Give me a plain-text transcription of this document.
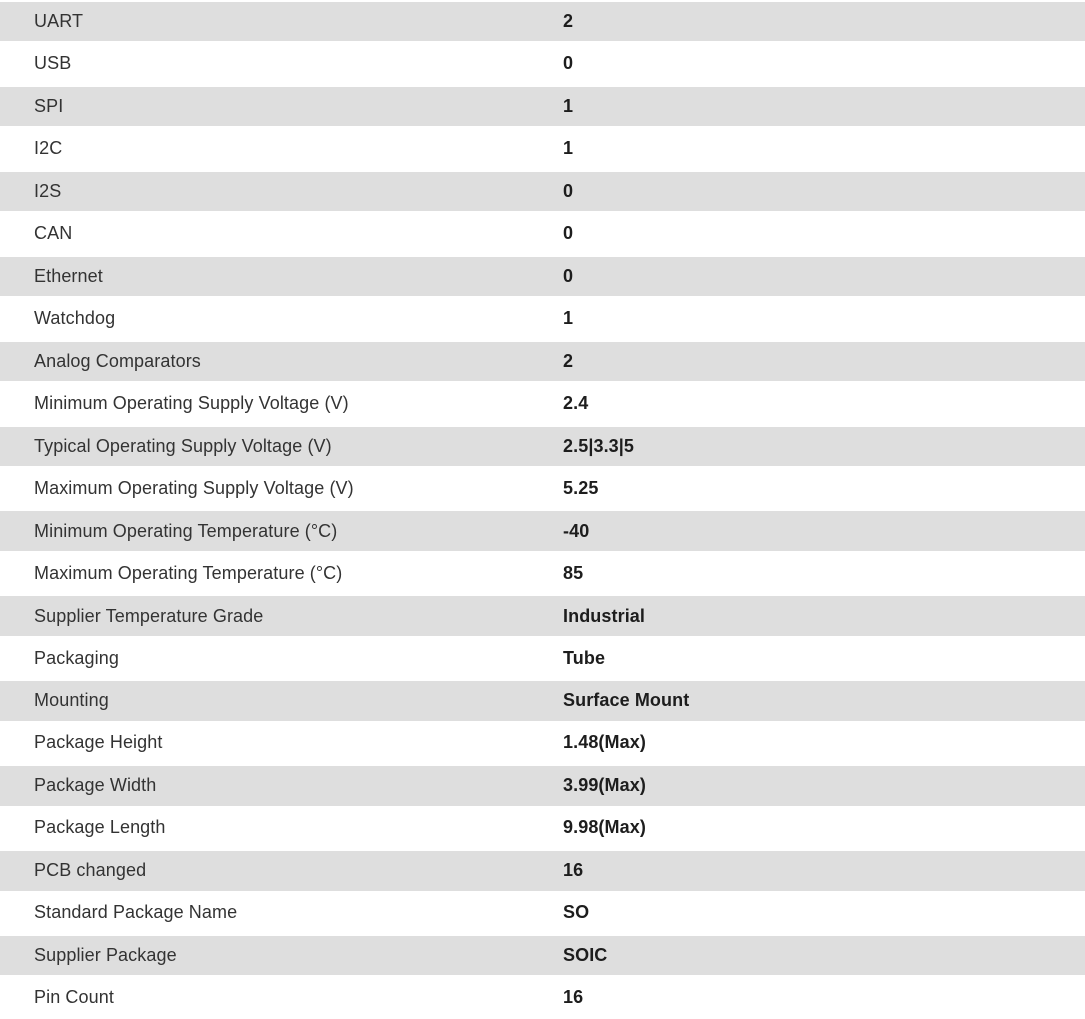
UART	2
USB	0
SPI	1
I2C	1
I2S	0
CAN	0
Ethernet	0
Watchdog	1
Analog Comparators	2
Minimum Operating Supply Voltage (V)	2.4
Typical Operating Supply Voltage (V)	2.5|3.3|5
Maximum Operating Supply Voltage (V)	5.25
Minimum Operating Temperature (°C)	-40
Maximum Operating Temperature (°C)	85
Supplier Temperature Grade	Industrial
Packaging	Tube
Mounting	Surface Mount
Package Height	1.48(Max)
Package Width	3.99(Max)
Package Length	9.98(Max)
PCB changed	16
Standard Package Name	SO
Supplier Package	SOIC
Pin Count	16
